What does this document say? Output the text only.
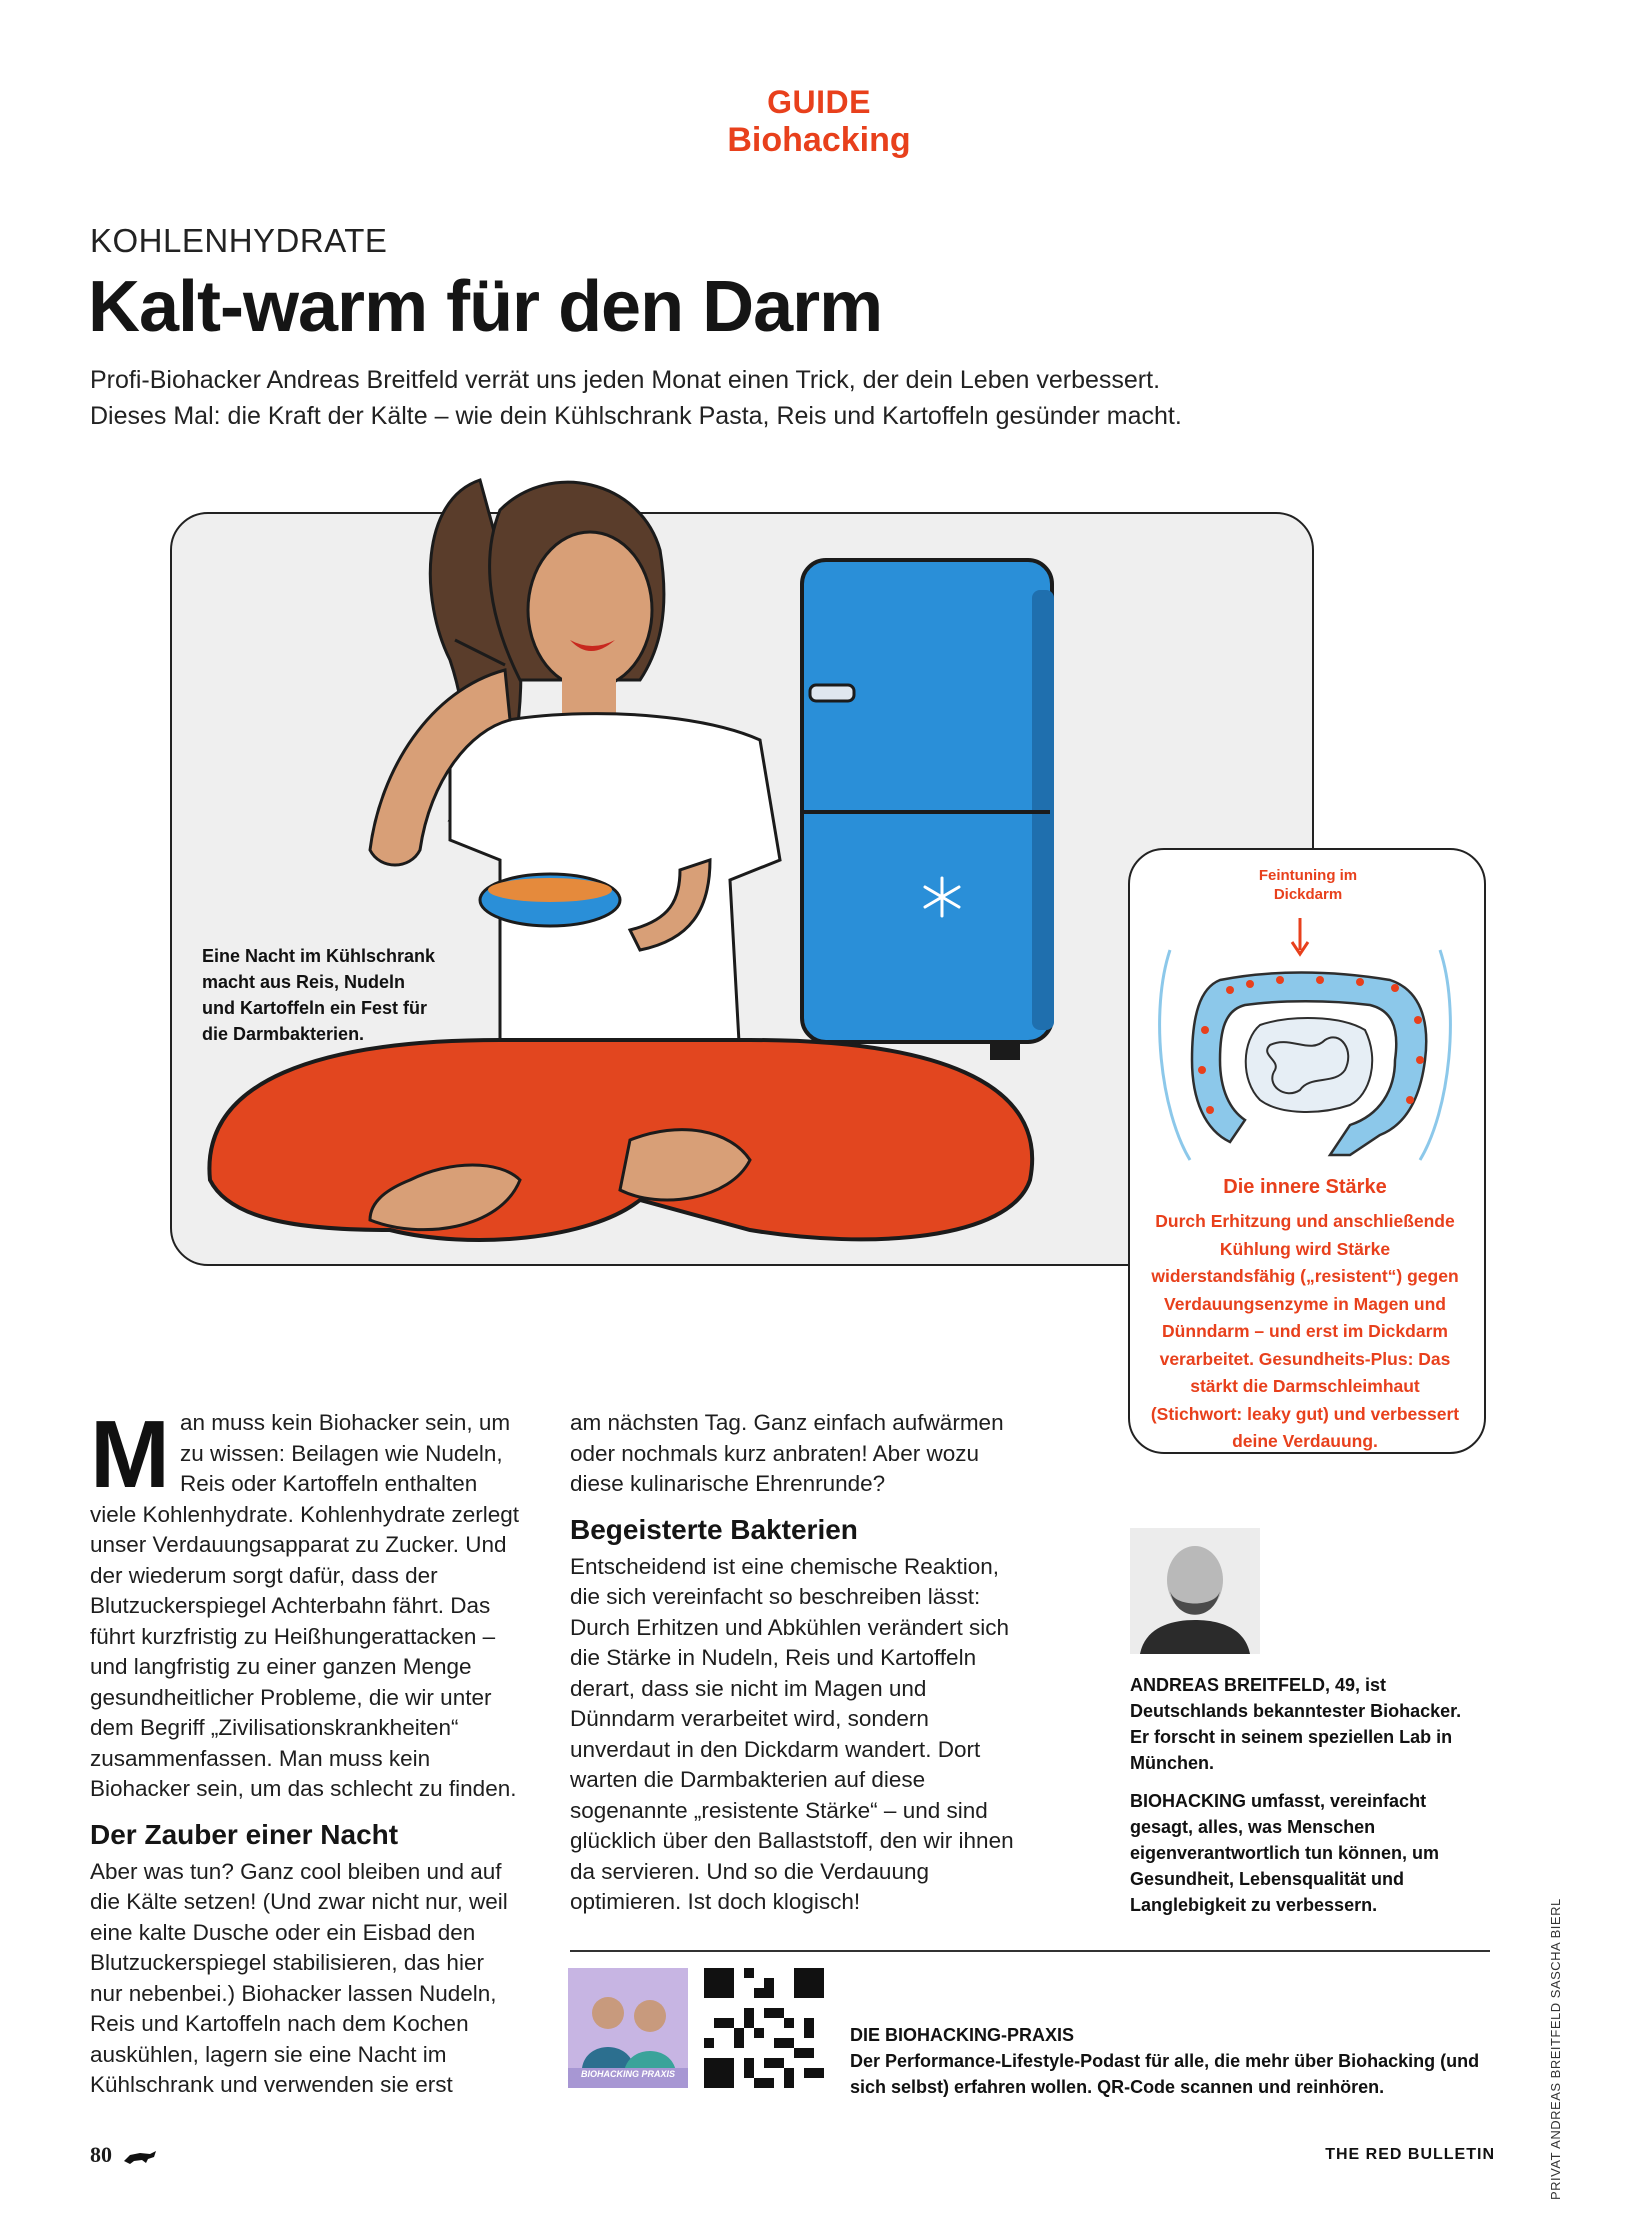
GUIDE
Biohacking
KOHLENHYDRATE
Kalt-warm für den Darm
Profi-Biohacker Andreas Breitfeld verrät uns jeden Monat einen Trick, der dein Leben verbessert.
Dieses Mal: die Kraft der Kälte – wie dein Kühlschrank Pasta, Reis und Kartoffeln gesünder macht.
Eine Nacht im Kühlschrank macht aus Reis, Nudeln und Kartoffeln ein Fest für die Darmbakterien.
Feintuning im Dickdarm
Die innere Stärke
Durch Erhitzung und anschließende Kühlung wird Stärke widerstandsfähig („resistent“) gegen Verdauungsenzyme in Magen und Dünndarm – und erst im Dickdarm verarbeitet. Gesundheits-Plus: Das stärkt die Darmschleimhaut (Stichwort: leaky gut) und verbessert deine Verdauung.

Man muss kein Biohacker sein, um zu wissen: Beilagen wie Nudeln, Reis oder Kartoffeln enthalten viele Kohlenhydrate. Kohlenhydrate zerlegt unser Verdauungsapparat zu Zucker. Und der wiederum sorgt dafür, dass der Blutzuckerspiegel Achterbahn fährt. Das führt kurzfristig zu Heißhungerattacken – und langfristig zu einer ganzen Menge gesundheitlicher Probleme, die wir unter dem Begriff „Zivilisationskrankheiten“ zusammenfassen. Man muss kein Biohacker sein, um das schlecht zu finden.

Der Zauber einer Nacht

Aber was tun? Ganz cool bleiben und auf die Kälte setzen! (Und zwar nicht nur, weil eine kalte Dusche oder ein Eisbad den Blutzuckerspiegel stabilisieren, das hier nur nebenbei.) Biohacker lassen Nudeln, Reis und Kartoffeln nach dem Kochen auskühlen, lagern sie eine Nacht im Kühlschrank und verwenden sie erst

am nächsten Tag. Ganz einfach aufwärmen oder nochmals kurz anbraten! Aber wozu diese kulinarische Ehrenrunde?

Begeisterte Bakterien

Entscheidend ist eine chemische Reaktion, die sich vereinfacht so beschreiben lässt: Durch Erhitzen und Abkühlen verändert sich die Stärke in Nudeln, Reis und Kartoffeln derart, dass sie nicht im Magen und Dünndarm verarbeitet wird, sondern unverdaut in den Dickdarm wandert. Dort warten die Darmbakterien auf diese sogenannte „resistente Stärke“ – und sind glücklich über den Ballaststoff, den wir ihnen da servieren. Und so die Verdauung optimieren. Ist doch klogisch!

ANDREAS BREITFELD, 49, ist Deutschlands bekanntester Biohacker. Er forscht in seinem speziellen Lab in München.

BIOHACKING umfasst, vereinfacht gesagt, alles, was Menschen eigenverantwortlich tun können, um Gesundheit, Lebensqualität und Langlebigkeit zu verbessern.

BIOHACKING PRAXIS
DIE BIOHACKING-PRAXIS
Der Performance-Lifestyle-Podast für alle, die mehr über Biohacking (und sich selbst) erfahren wollen. QR-Code scannen und reinhören.	PRIVAT ANDREAS BREITFELD SASCHA BIERL
80	THE RED BULLETIN
